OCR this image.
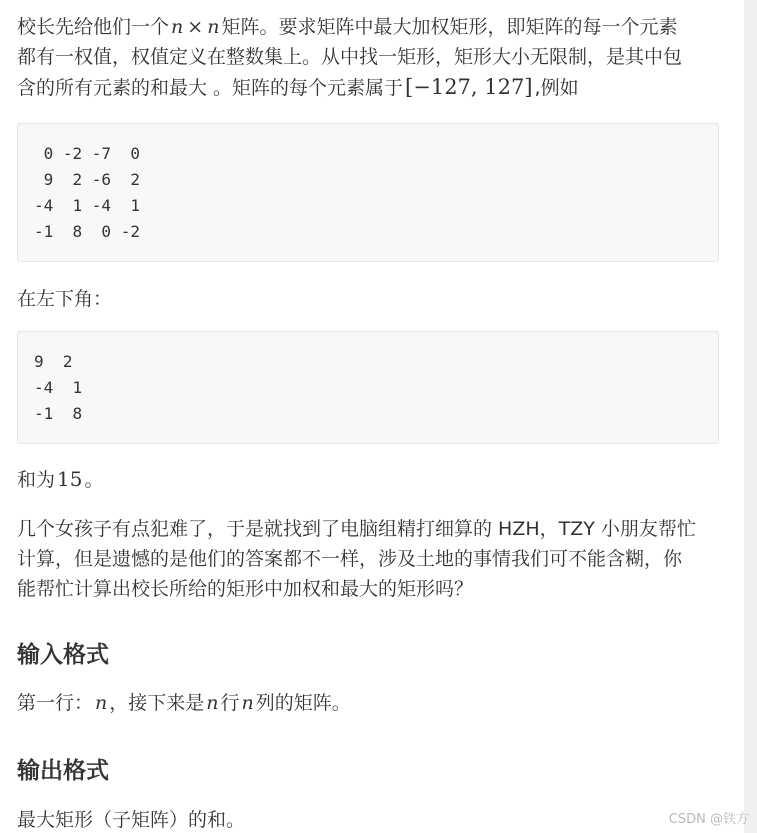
校长先给他们一个 n × n 矩阵。要求矩阵中最大加权矩形，即矩阵的每一个元素

都有一权值，权值定义在整数集上。从中找一矩形，矩形大小无限制，是其中包

含的所有元素的和最大 。矩阵的每个元素属于[−127, 127] ,例如

0 -2 -7  0
9  2 -6  2
-4  1 -4  1
-1  8  0 -2

在左下角：

9  2
-4  1
-1  8

和为 15 。

几个女孩子有点犯难了，于是就找到了电脑组精打细算的 HZH，TZY 小朋友帮忙

计算，但是遗憾的是他们的答案都不一样，涉及土地的事情我们可不能含糊，你

能帮忙计算出校长所给的矩形中加权和最大的矩形吗？

输入格式

第一行： n ，接下来是 n 行 n 列的矩阵。

输出格式

最大矩形（子矩阵）的和。	CSDN @铁方
